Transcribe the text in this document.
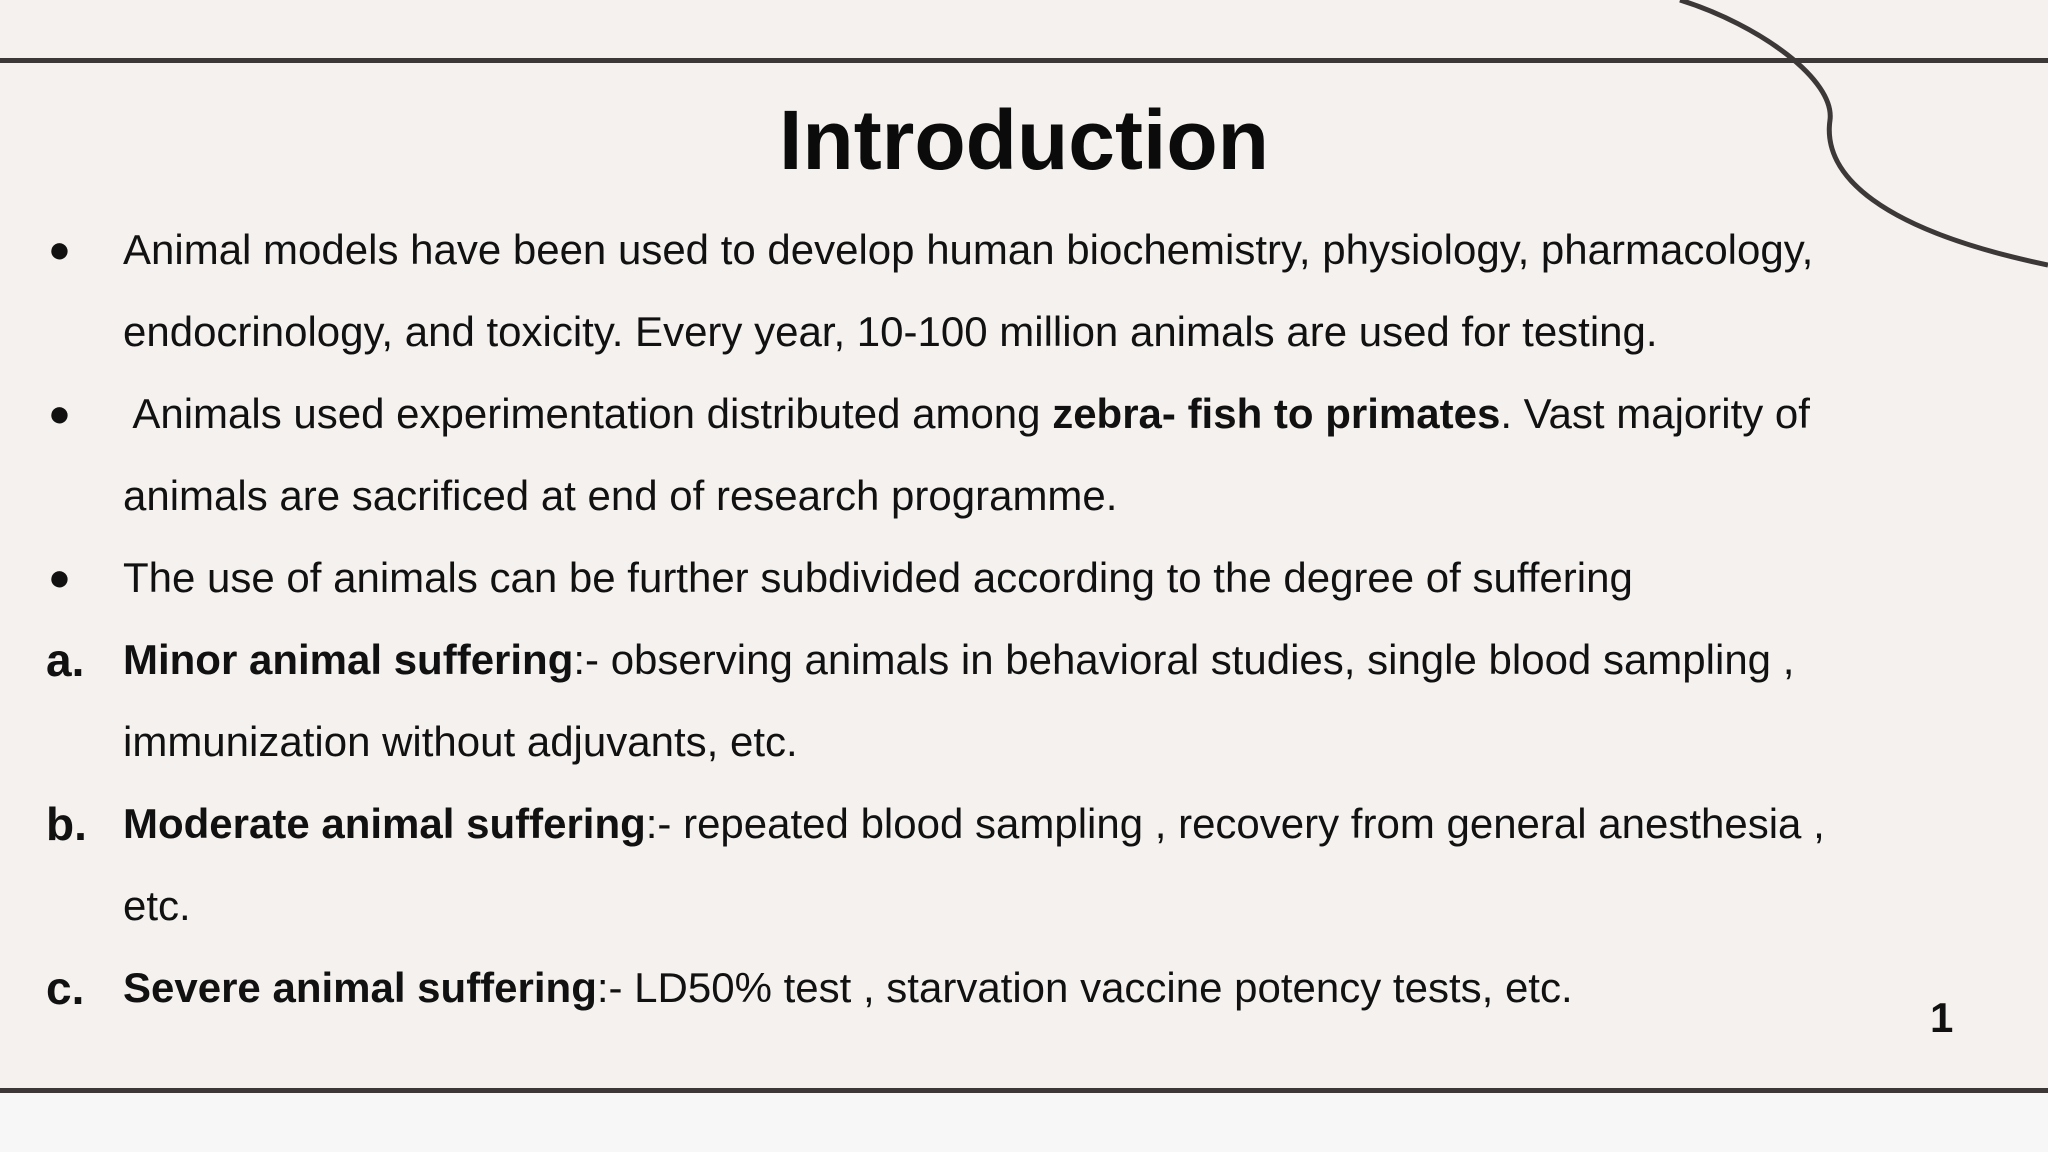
Introduction
● Animal models have been used to develop human biochemistry, physiology, pharmacology,
endocrinology, and toxicity. Every year, 10-100 million animals are used for testing.
● Animals used experimentation distributed among zebra- fish to primates. Vast majority of
animals are sacrificed at end of research programme.
● The use of animals can be further subdivided according to the degree of suffering
a. Minor animal suffering:- observing animals in behavioral studies, single blood sampling ,
immunization without adjuvants, etc.
b. Moderate animal suffering:- repeated blood sampling , recovery from general anesthesia ,
etc.
c. Severe animal suffering:- LD50% test , starvation vaccine potency tests, etc.
1
